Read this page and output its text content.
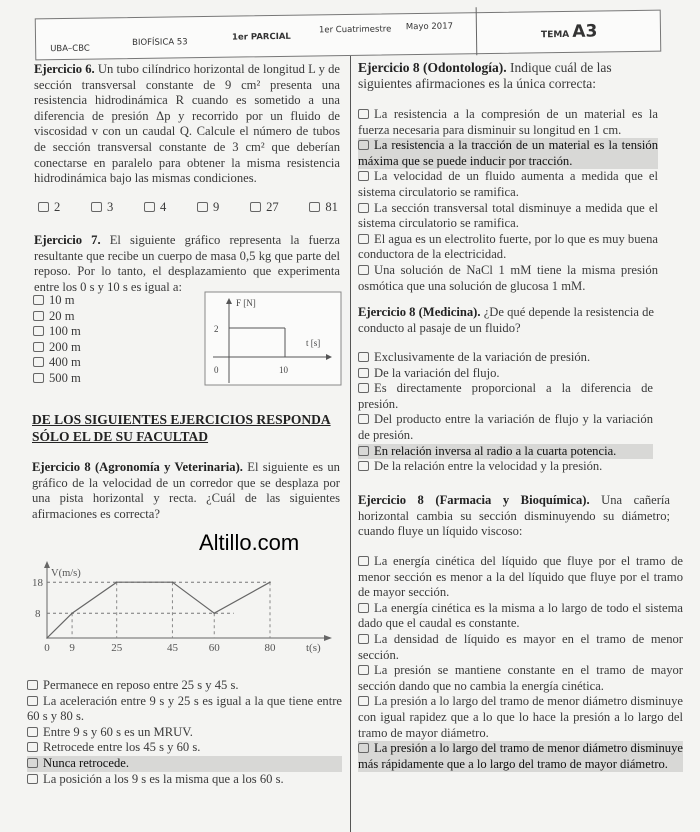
UBA–CBC
BIOFÍSICA 53
1er PARCIAL
1er Cuatrimestre Mayo 2017
TEMA A3
Ejercicio 6. Un tubo cilíndrico horizontal de longitud L y de sección transversal constante de 9 cm² presenta una resistencia hidrodinámica R cuando es sometido a una diferencia de presión Δp y recorrido por un fluido de viscosidad v con un caudal Q. Calcule el número de tubos de sección transversal constante de 3 cm² que deberían conectarse en paralelo para obtener la misma resistencia hidrodinámica bajo las mismas condiciones.
2	3	4	9	27	81
Ejercicio 7. El siguiente gráfico representa la fuerza resultante que recibe un cuerpo de masa 0,5 kg que parte del reposo. Por lo tanto, el desplazamiento que experimenta entre los 0 s y 10 s es igual a:
10 m
20 m
100 m
200 m
400 m
500 m
F [N]
t [s]
2
0	10
0 9	25	45	60	80
18
8
V(m/s)
t(s)
DE LOS SIGUIENTES EJERCICIOS RESPONDA SÓLO EL DE SU FACULTAD
Ejercicio 8 (Agronomía y Veterinaria). El siguiente es un gráfico de la velocidad de un corredor que se desplaza por una pista horizontal y recta. ¿Cuál de las siguientes afirmaciones es correcta?
Altillo.com
Permanece en reposo entre 25 s y 45 s.
La aceleración entre 9 s y 25 s es igual a la que tiene entre 60 s y 80 s.
Entre 9 s y 60 s es un MRUV.
Retrocede entre los 45 s y 60 s.
Nunca retrocede.
La posición a los 9 s es la misma que a los 60 s.
Ejercicio 8 (Odontología). Indique cuál de las siguientes afirmaciones es la única correcta:
La resistencia a la compresión de un material es la fuerza necesaria para disminuir su longitud en 1 cm.
La resistencia a la tracción de un material es la tensión máxima que se puede inducir por tracción.
La velocidad de un fluido aumenta a medida que el sistema circulatorio se ramifica.
La sección transversal total disminuye a medida que el sistema circulatorio se ramifica.
El agua es un electrolito fuerte, por lo que es muy buena conductora de la electricidad.
Una solución de NaCl 1 mM tiene la misma presión osmótica que una solución de glucosa 1 mM.
Ejercicio 8 (Medicina). ¿De qué depende la resistencia de conducto al pasaje de un fluido?
Exclusivamente de la variación de presión.
De la variación del flujo.
Es directamente proporcional a la diferencia de presión.
Del producto entre la variación de flujo y la variación de presión.
En relación inversa al radio a la cuarta potencia.
De la relación entre la velocidad y la presión.
Ejercicio 8 (Farmacia y Bioquímica). Una cañería horizontal cambia su sección disminuyendo su diámetro; cuando fluye un líquido viscoso:
La energía cinética del líquido que fluye por el tramo de menor sección es menor a la del líquido que fluye por el tramo de mayor sección.
La energía cinética es la misma a lo largo de todo el sistema dado que el caudal es constante.
La densidad de líquido es mayor en el tramo de menor sección.
La presión se mantiene constante en el tramo de mayor sección dando que no cambia la energía cinética.
La presión a lo largo del tramo de menor diámetro disminuye con igual rapidez que a lo que lo hace la presión a lo largo del tramo de mayor diámetro.
La presión a lo largo del tramo de menor diámetro disminuye más rápidamente que a lo largo del tramo de mayor diámetro.
